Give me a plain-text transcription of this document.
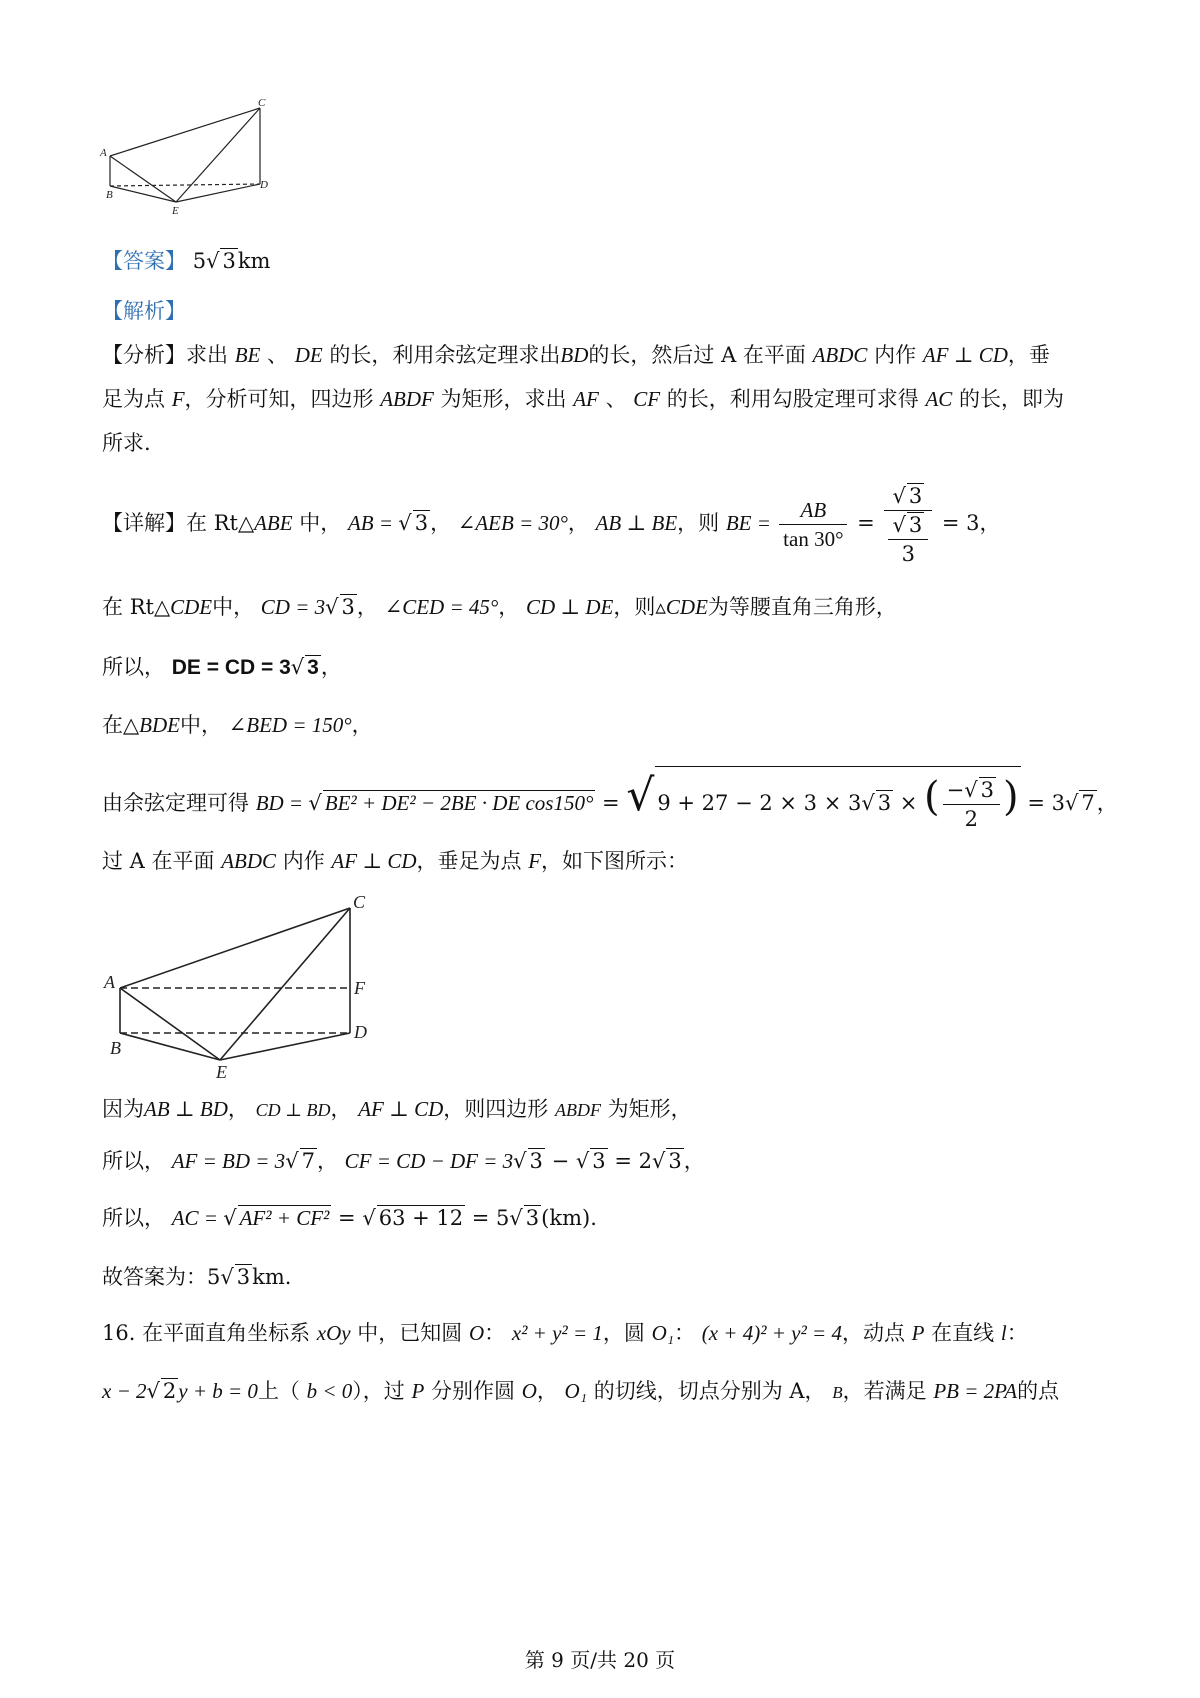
C
A
B
D
E
【答案】 5√ 3km
【解析】
【分析】求出 BE 、 DE 的长，利用余弦定理求出BD的长，然后过 A 在平面 ABDC 内作 AF ⊥ CD，垂
足为点 F，分析可知，四边形 ABDF 为矩形，求出 AF 、 CF 的长，利用勾股定理可求得 AC 的长，即为
所求.
【详解】在 Rt△ABE 中， AB = √ 3， ∠AEB = 30°， AB ⊥ BE，则 BE = $\frac{AB}{\tan 30^\circ} = \frac{√ 3}{\frac{√ 3}{3}} = 3$，
在 Rt△CDE中， CD = 3√ 3， ∠CED = 45°， CD ⊥ DE，则▵CDE为等腰直角三角形，
所以， DE = CD = 3√ 3，
在△BDE中， ∠BED = 150°，
由余弦定理可得 BD = √ BE² + DE² − 2BE · DE cos150° = √ 9 + 27 − 2 × 3 × 3√ 3 × ( $\frac{-√ 3}{2}$ ) = 3√ 7，
过 A 在平面 ABDC 内作 AF ⊥ CD，垂足为点 F，如下图所示：
C
A	F
B
D
E
因为AB ⊥ BD， CD ⊥ BD， AF ⊥ CD，则四边形 ABDF 为矩形，
所以， AF = BD = 3√ 7， CF = CD − DF = 3√ 3 − √ 3 = 2√ 3，
所以， AC = √ AF² + CF² = √ 63 + 12 = 5√ 3(km).
故答案为：5√ 3km.
16. 在平面直角坐标系 xOy 中，已知圆 O： x² + y² = 1，圆 O₁： (x + 4)² + y² = 4，动点 P 在直线 l：
x − 2√ 2y + b = 0上（ b < 0），过 P 分别作圆 O， O₁ 的切线，切点分别为 A， B，若满足 PB = 2PA的点
第 9 页/共 20 页
